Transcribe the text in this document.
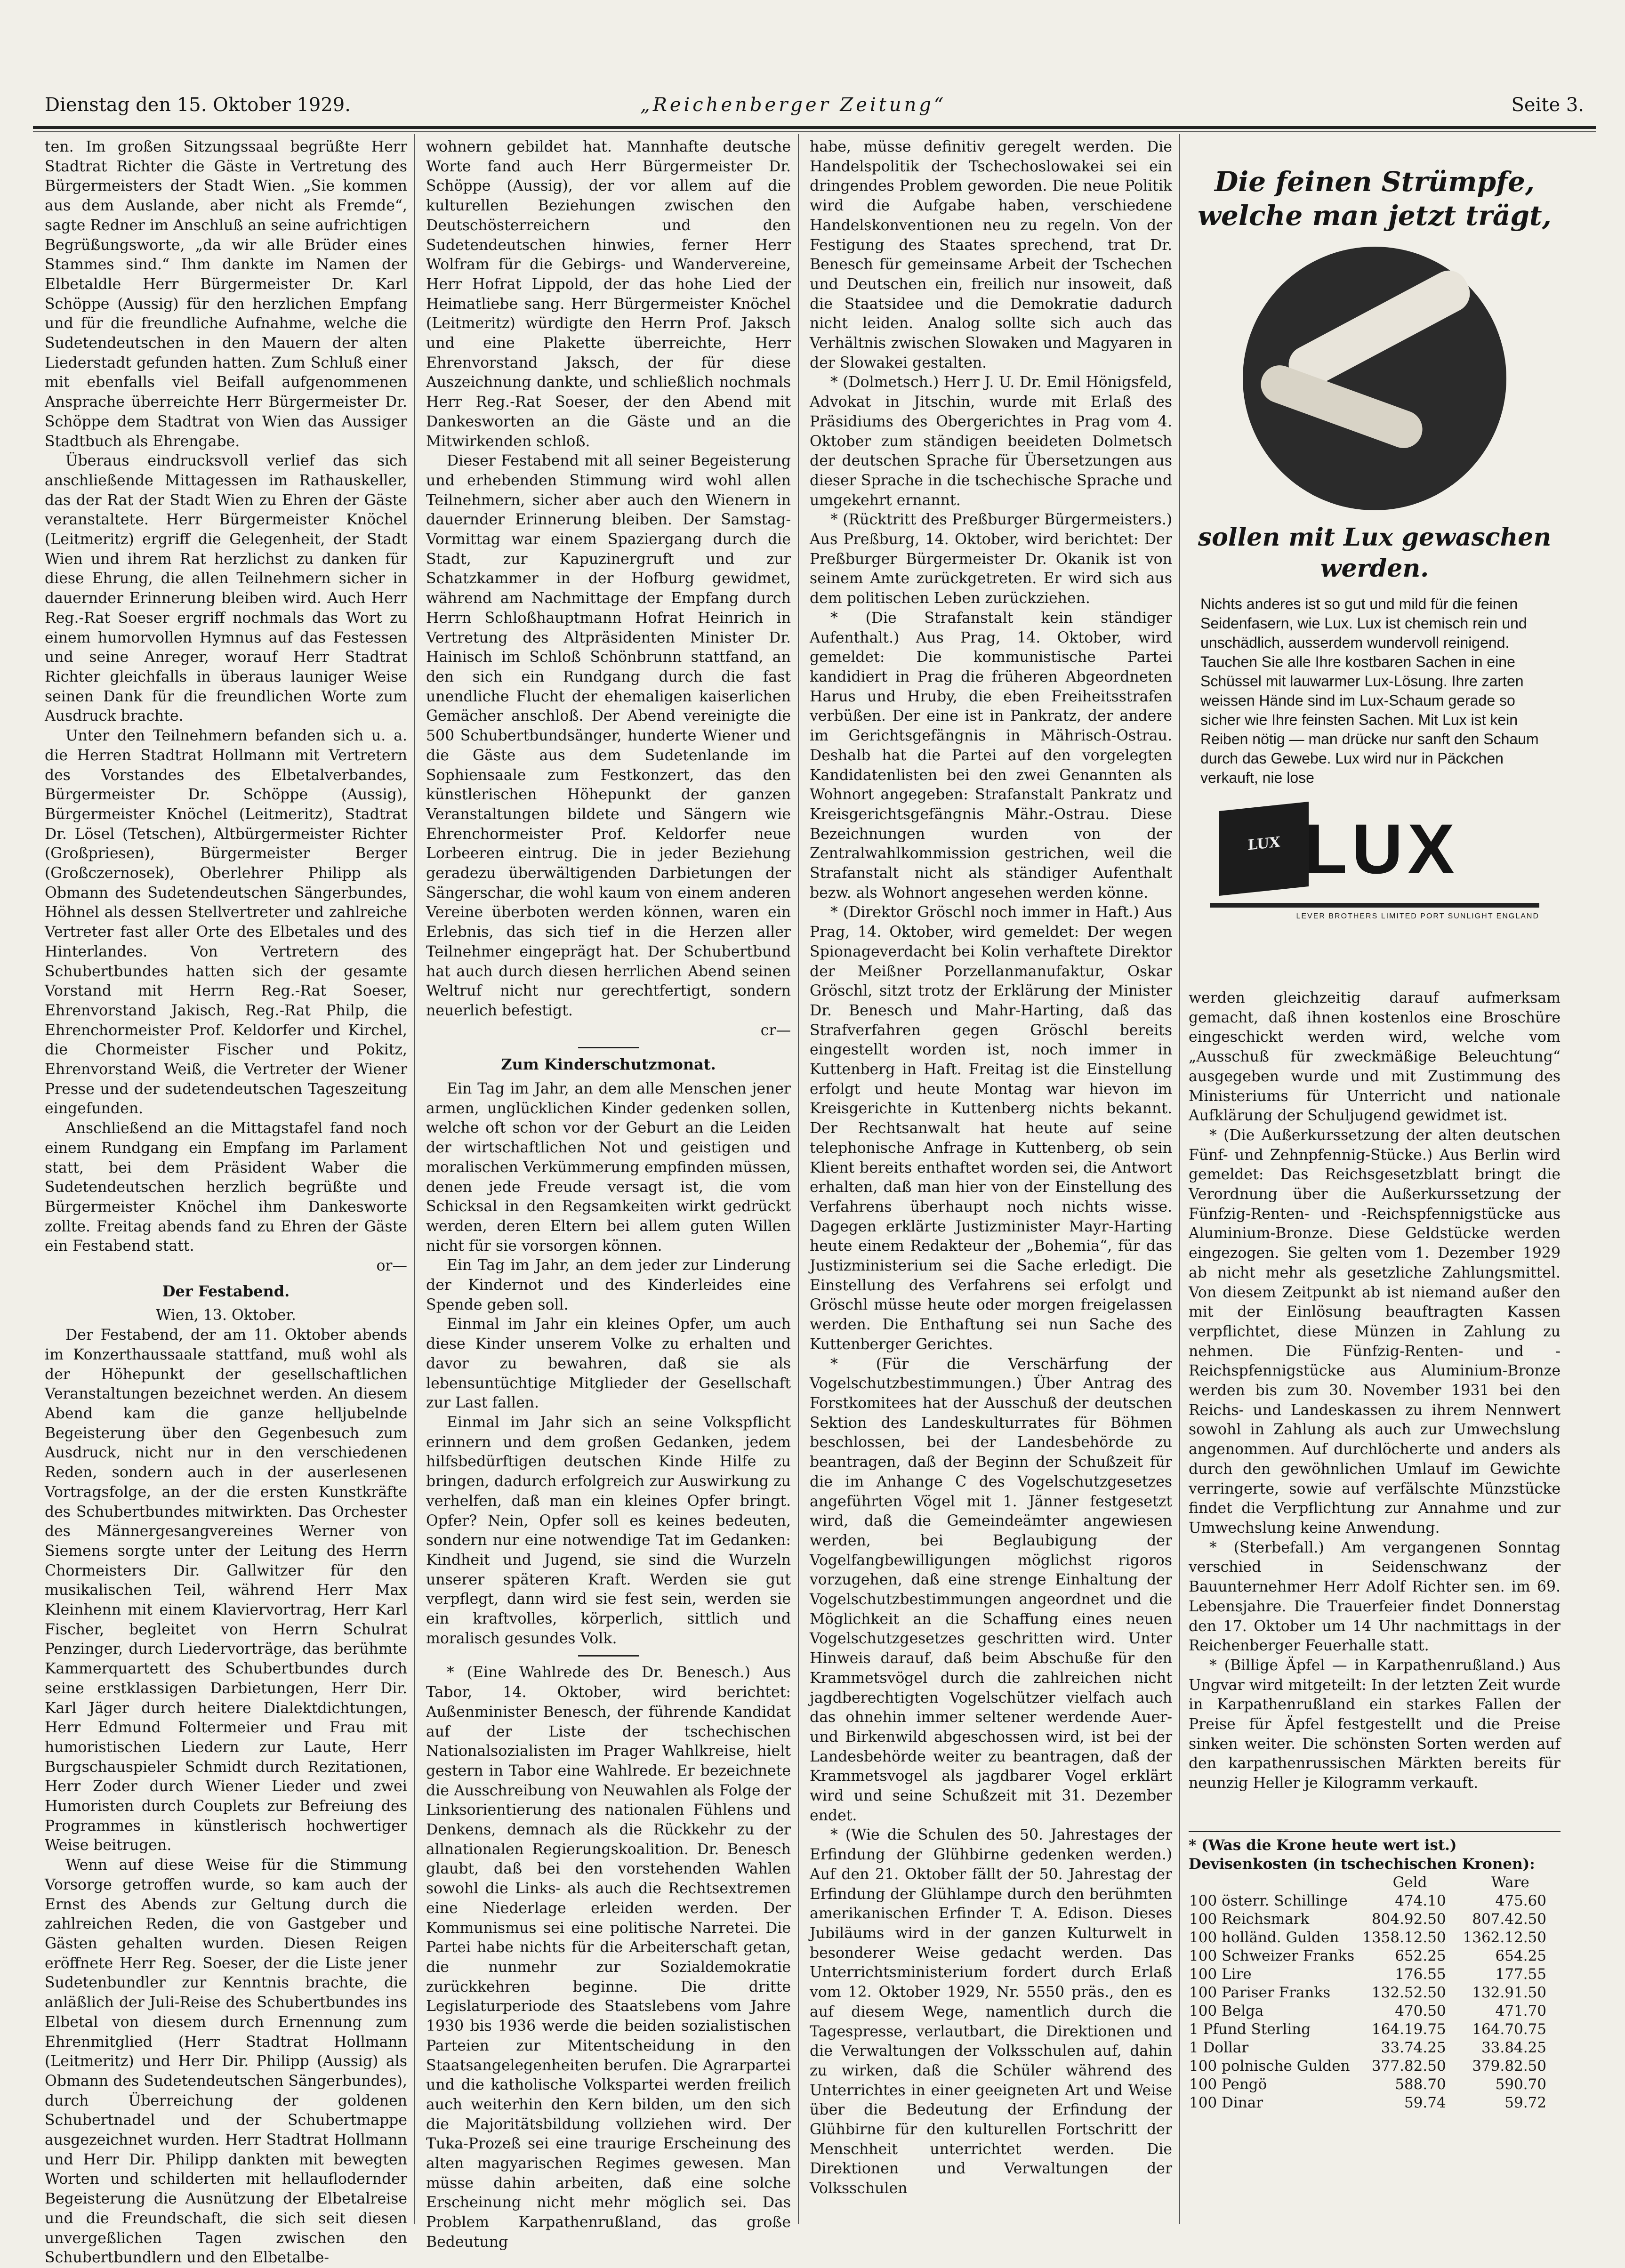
Dienstag den 15. Oktober 1929.	„Reichenberger Zeitung“	Seite 3.

ten. Im großen Sitzungssaal begrüßte Herr Stadtrat Richter die Gäste in Vertretung des Bürgermeisters der Stadt Wien. „Sie kommen aus dem Auslande, aber nicht als Fremde“, sagte Redner im Anschluß an seine aufrichtigen Begrüßungsworte, „da wir alle Brüder eines Stammes sind.“ Ihm dankte im Namen der Elbetaldle Herr Bürgermeister Dr. Karl Schöppe (Aussig) für den herzlichen Empfang und für die freundliche Aufnahme, welche die Sudetendeutschen in den Mauern der alten Liederstadt gefunden hatten. Zum Schluß einer mit ebenfalls viel Beifall aufgenommenen Ansprache überreichte Herr Bürgermeister Dr. Schöppe dem Stadtrat von Wien das Aussiger Stadtbuch als Ehrengabe.

Überaus eindrucksvoll verlief das sich anschließende Mittagessen im Rathauskeller, das der Rat der Stadt Wien zu Ehren der Gäste veranstaltete. Herr Bürgermeister Knöchel (Leitmeritz) ergriff die Gelegenheit, der Stadt Wien und ihrem Rat herzlichst zu danken für diese Ehrung, die allen Teilnehmern sicher in dauernder Erinnerung bleiben wird. Auch Herr Reg.-Rat Soeser ergriff nochmals das Wort zu einem humorvollen Hymnus auf das Festessen und seine Anreger, worauf Herr Stadtrat Richter gleichfalls in überaus launiger Weise seinen Dank für die freundlichen Worte zum Ausdruck brachte.

Unter den Teilnehmern befanden sich u. a. die Herren Stadtrat Hollmann mit Vertretern des Vorstandes des Elbetalverbandes, Bürgermeister Dr. Schöppe (Aussig), Bürgermeister Knöchel (Leitmeritz), Stadtrat Dr. Lösel (Tetschen), Altbürgermeister Richter (Großpriesen), Bürgermeister Berger (Großczernosek), Oberlehrer Philipp als Obmann des Sudetendeutschen Sängerbundes, Höhnel als dessen Stellvertreter und zahlreiche Vertreter fast aller Orte des Elbetales und des Hinterlandes. Von Vertretern des Schubertbundes hatten sich der gesamte Vorstand mit Herrn Reg.-Rat Soeser, Ehrenvorstand Jakisch, Reg.-Rat Philp, die Ehrenchormeister Prof. Keldorfer und Kirchel, die Chormeister Fischer und Pokitz, Ehrenvorstand Weiß, die Vertreter der Wiener Presse und der sudetendeutschen Tageszeitung eingefunden.

Anschließend an die Mittagstafel fand noch einem Rundgang ein Empfang im Parlament statt, bei dem Präsident Waber die Sudetendeutschen herzlich begrüßte und Bürgermeister Knöchel ihm Dankesworte zollte. Freitag abends fand zu Ehren der Gäste ein Festabend statt.

or—
Der Festabend.

Wien, 13. Oktober.

Der Festabend, der am 11. Oktober abends im Konzerthaussaale stattfand, muß wohl als der Höhepunkt der gesellschaftlichen Veranstaltungen bezeichnet werden. An diesem Abend kam die ganze helljubelnde Begeisterung über den Gegenbesuch zum Ausdruck, nicht nur in den verschiedenen Reden, sondern auch in der auserlesenen Vortragsfolge, an der die ersten Kunstkräfte des Schubertbundes mitwirkten. Das Orchester des Männergesangvereines Werner von Siemens sorgte unter der Leitung des Herrn Chormeisters Dir. Gallwitzer für den musikalischen Teil, während Herr Max Kleinhenn mit einem Klaviervortrag, Herr Karl Fischer, begleitet von Herrn Schulrat Penzinger, durch Liedervorträge, das berühmte Kammerquartett des Schubertbundes durch seine erstklassigen Darbietungen, Herr Dir. Karl Jäger durch heitere Dialektdichtungen, Herr Edmund Foltermeier und Frau mit humoristischen Liedern zur Laute, Herr Burgschauspieler Schmidt durch Rezitationen, Herr Zoder durch Wiener Lieder und zwei Humoristen durch Couplets zur Befreiung des Programmes in künstlerisch hochwertiger Weise beitrugen.

Wenn auf diese Weise für die Stimmung Vorsorge getroffen wurde, so kam auch der Ernst des Abends zur Geltung durch die zahlreichen Reden, die von Gastgeber und Gästen gehalten wurden. Diesen Reigen eröffnete Herr Reg. Soeser, der die Liste jener Sudetenbundler zur Kenntnis brachte, die anläßlich der Juli-Reise des Schubertbundes ins Elbetal von diesem durch Ernennung zum Ehrenmitglied (Herr Stadtrat Hollmann (Leitmeritz) und Herr Dir. Philipp (Aussig) als Obmann des Sudetendeutschen Sängerbundes), durch Überreichung der goldenen Schubertnadel und der Schubertmappe ausgezeichnet wurden. Herr Stadtrat Hollmann und Herr Dir. Philipp dankten mit bewegten Worten und schilderten mit hellauflodernder Begeisterung die Ausnützung der Elbetalreise und die Freundschaft, die sich seit diesen unvergeßlichen Tagen zwischen den Schubertbundlern und den Elbetalbe-

wohnern gebildet hat. Mannhafte deutsche Worte fand auch Herr Bürgermeister Dr. Schöppe (Aussig), der vor allem auf die kulturellen Beziehungen zwischen den Deutschösterreichern und den Sudetendeutschen hinwies, ferner Herr Wolfram für die Gebirgs- und Wandervereine, Herr Hofrat Lippold, der das hohe Lied der Heimatliebe sang. Herr Bürgermeister Knöchel (Leitmeritz) würdigte den Herrn Prof. Jaksch und eine Plakette überreichte, Herr Ehrenvorstand Jaksch, der für diese Auszeichnung dankte, und schließlich nochmals Herr Reg.-Rat Soeser, der den Abend mit Dankesworten an die Gäste und an die Mitwirkenden schloß.

Dieser Festabend mit all seiner Begeisterung und erhebenden Stimmung wird wohl allen Teilnehmern, sicher aber auch den Wienern in dauernder Erinnerung bleiben. Der Samstag-Vormittag war einem Spaziergang durch die Stadt, zur Kapuzinergruft und zur Schatzkammer in der Hofburg gewidmet, während am Nachmittage der Empfang durch Herrn Schloßhauptmann Hofrat Heinrich in Vertretung des Altpräsidenten Minister Dr. Hainisch im Schloß Schönbrunn stattfand, an den sich ein Rundgang durch die fast unendliche Flucht der ehemaligen kaiserlichen Gemächer anschloß. Der Abend vereinigte die 500 Schubertbundsänger, hunderte Wiener und die Gäste aus dem Sudetenlande im Sophiensaale zum Festkonzert, das den künstlerischen Höhepunkt der ganzen Veranstaltungen bildete und Sängern wie Ehrenchormeister Prof. Keldorfer neue Lorbeeren eintrug. Die in jeder Beziehung geradezu überwältigenden Darbietungen der Sängerschar, die wohl kaum von einem anderen Vereine überboten werden können, waren ein Erlebnis, das sich tief in die Herzen aller Teilnehmer eingeprägt hat. Der Schubertbund hat auch durch diesen herrlichen Abend seinen Weltruf nicht nur gerechtfertigt, sondern neuerlich befestigt.

cr—
Zum Kinderschutzmonat.

Ein Tag im Jahr, an dem alle Menschen jener armen, unglücklichen Kinder gedenken sollen, welche oft schon vor der Geburt an die Leiden der wirtschaftlichen Not und geistigen und moralischen Verkümmerung empfinden müssen, denen jede Freude versagt ist, die vom Schicksal in den Regsamkeiten wirkt gedrückt werden, deren Eltern bei allem guten Willen nicht für sie vorsorgen können.

Ein Tag im Jahr, an dem jeder zur Linderung der Kindernot und des Kinderleides eine Spende geben soll.

Einmal im Jahr ein kleines Opfer, um auch diese Kinder unserem Volke zu erhalten und davor zu bewahren, daß sie als lebensuntüchtige Mitglieder der Gesellschaft zur Last fallen.

Einmal im Jahr sich an seine Volkspflicht erinnern und dem großen Gedanken, jedem hilfsbedürftigen deutschen Kinde Hilfe zu bringen, dadurch erfolgreich zur Auswirkung zu verhelfen, daß man ein kleines Opfer bringt. Opfer? Nein, Opfer soll es keines bedeuten, sondern nur eine notwendige Tat im Gedanken: Kindheit und Jugend, sie sind die Wurzeln unserer späteren Kraft. Werden sie gut verpflegt, dann wird sie fest sein, werden sie ein kraftvolles, körperlich, sittlich und moralisch gesundes Volk.

* (Eine Wahlrede des Dr. Benesch.) Aus Tabor, 14. Oktober, wird berichtet: Außenminister Benesch, der führende Kandidat auf der Liste der tschechischen Nationalsozialisten im Prager Wahlkreise, hielt gestern in Tabor eine Wahlrede. Er bezeichnete die Ausschreibung von Neuwahlen als Folge der Linksorientierung des nationalen Fühlens und Denkens, demnach als die Rückkehr zu der allnationalen Regierungskoalition. Dr. Benesch glaubt, daß bei den vorstehenden Wahlen sowohl die Links- als auch die Rechtsextremen eine Niederlage erleiden werden. Der Kommunismus sei eine politische Narretei. Die Partei habe nichts für die Arbeiterschaft getan, die nunmehr zur Sozialdemokratie zurückkehren beginne. Die dritte Legislaturperiode des Staatslebens vom Jahre 1930 bis 1936 werde die beiden sozialistischen Parteien zur Mitentscheidung in den Staatsangelegenheiten berufen. Die Agrarpartei und die katholische Volkspartei werden freilich auch weiterhin den Kern bilden, um den sich die Majoritätsbildung vollziehen wird. Der Tuka-Prozeß sei eine traurige Erscheinung des alten magyarischen Regimes gewesen. Man müsse dahin arbeiten, daß eine solche Erscheinung nicht mehr möglich sei. Das Problem Karpathenrußland, das große Bedeutung

habe, müsse definitiv geregelt werden. Die Handelspolitik der Tschechoslowakei sei ein dringendes Problem geworden. Die neue Politik wird die Aufgabe haben, verschiedene Handelskonventionen neu zu regeln. Von der Festigung des Staates sprechend, trat Dr. Benesch für gemeinsame Arbeit der Tschechen und Deutschen ein, freilich nur insoweit, daß die Staatsidee und die Demokratie dadurch nicht leiden. Analog sollte sich auch das Verhältnis zwischen Slowaken und Magyaren in der Slowakei gestalten.

* (Dolmetsch.) Herr J. U. Dr. Emil Hönigsfeld, Advokat in Jitschin, wurde mit Erlaß des Präsidiums des Obergerichtes in Prag vom 4. Oktober zum ständigen beeideten Dolmetsch der deutschen Sprache für Übersetzungen aus dieser Sprache in die tschechische Sprache und umgekehrt ernannt.

* (Rücktritt des Preßburger Bürgermeisters.) Aus Preßburg, 14. Oktober, wird berichtet: Der Preßburger Bürgermeister Dr. Okanik ist von seinem Amte zurückgetreten. Er wird sich aus dem politischen Leben zurückziehen.

* (Die Strafanstalt kein ständiger Aufenthalt.) Aus Prag, 14. Oktober, wird gemeldet: Die kommunistische Partei kandidiert in Prag die früheren Abgeordneten Harus und Hruby, die eben Freiheitsstrafen verbüßen. Der eine ist in Pankratz, der andere im Gerichtsgefängnis in Mährisch-Ostrau. Deshalb hat die Partei auf den vorgelegten Kandidatenlisten bei den zwei Genannten als Wohnort angegeben: Strafanstalt Pankratz und Kreisgerichtsgefängnis Mähr.-Ostrau. Diese Bezeichnungen wurden von der Zentralwahlkommission gestrichen, weil die Strafanstalt nicht als ständiger Aufenthalt bezw. als Wohnort angesehen werden könne.

* (Direktor Gröschl noch immer in Haft.) Aus Prag, 14. Oktober, wird gemeldet: Der wegen Spionageverdacht bei Kolin verhaftete Direktor der Meißner Porzellanmanufaktur, Oskar Gröschl, sitzt trotz der Erklärung der Minister Dr. Benesch und Mahr-Harting, daß das Strafverfahren gegen Gröschl bereits eingestellt worden ist, noch immer in Kuttenberg in Haft. Freitag ist die Einstellung erfolgt und heute Montag war hievon im Kreisgerichte in Kuttenberg nichts bekannt. Der Rechtsanwalt hat heute auf seine telephonische Anfrage in Kuttenberg, ob sein Klient bereits enthaftet worden sei, die Antwort erhalten, daß man hier von der Einstellung des Verfahrens überhaupt noch nichts wisse. Dagegen erklärte Justizminister Mayr-Harting heute einem Redakteur der „Bohemia“, für das Justizministerium sei die Sache erledigt. Die Einstellung des Verfahrens sei erfolgt und Gröschl müsse heute oder morgen freigelassen werden. Die Enthaftung sei nun Sache des Kuttenberger Gerichtes.

* (Für die Verschärfung der Vogelschutzbestimmungen.) Über Antrag des Forstkomitees hat der Ausschuß der deutschen Sektion des Landeskulturrates für Böhmen beschlossen, bei der Landesbehörde zu beantragen, daß der Beginn der Schußzeit für die im Anhange C des Vogelschutzgesetzes angeführten Vögel mit 1. Jänner festgesetzt wird, daß die Gemeindeämter angewiesen werden, bei Beglaubigung der Vogelfangbewilligungen möglichst rigoros vorzugehen, daß eine strenge Einhaltung der Vogelschutzbestimmungen angeordnet und die Möglichkeit an die Schaffung eines neuen Vogelschutzgesetzes geschritten wird. Unter Hinweis darauf, daß beim Abschuße für den Krammetsvögel durch die zahlreichen nicht jagdberechtigten Vogelschützer vielfach auch das ohnehin immer seltener werdende Auer- und Birkenwild abgeschossen wird, ist bei der Landesbehörde weiter zu beantragen, daß der Krammetsvogel als jagdbarer Vogel erklärt wird und seine Schußzeit mit 31. Dezember endet.

* (Wie die Schulen des 50. Jahrestages der Erfindung der Glühbirne gedenken werden.) Auf den 21. Oktober fällt der 50. Jahrestag der Erfindung der Glühlampe durch den berühmten amerikanischen Erfinder T. A. Edison. Dieses Jubiläums wird in der ganzen Kulturwelt in besonderer Weise gedacht werden. Das Unterrichtsministerium fordert durch Erlaß vom 12. Oktober 1929, Nr. 5550 präs., den es auf diesem Wege, namentlich durch die Tagespresse, verlautbart, die Direktionen und die Verwaltungen der Volksschulen auf, dahin zu wirken, daß die Schüler während des Unterrichtes in einer geeigneten Art und Weise über die Bedeutung der Erfindung der Glühbirne für den kulturellen Fortschritt der Menschheit unterrichtet werden. Die Direktionen und Verwaltungen der Volksschulen

Die feinen Strümpfe, welche man jetzt trägt,
sollen mit Lux gewaschen werden.
Nichts anderes ist so gut und mild für die feinen Seidenfasern, wie Lux. Lux ist chemisch rein und unschädlich, ausserdem wundervoll reinigend. Tauchen Sie alle Ihre kostbaren Sachen in eine Schüssel mit lauwarmer Lux-Lösung. Ihre zarten weissen Hände sind im Lux-Schaum gerade so sicher wie Ihre feinsten Sachen. Mit Lux ist kein Reiben nötig — man drücke nur sanft den Schaum durch das Gewebe. Lux wird nur in Päckchen verkauft, nie lose
LUX LUX
LEVER BROTHERS LIMITED PORT SUNLIGHT ENGLAND

werden gleichzeitig darauf aufmerksam gemacht, daß ihnen kostenlos eine Broschüre eingeschickt werden wird, welche vom „Ausschuß für zweckmäßige Beleuchtung“ ausgegeben wurde und mit Zustimmung des Ministeriums für Unterricht und nationale Aufklärung der Schuljugend gewidmet ist.

* (Die Außerkurssetzung der alten deutschen Fünf- und Zehnpfennig-Stücke.) Aus Berlin wird gemeldet: Das Reichsgesetzblatt bringt die Verordnung über die Außerkurssetzung der Fünfzig-Renten- und -Reichspfennigstücke aus Aluminium-Bronze. Diese Geldstücke werden eingezogen. Sie gelten vom 1. Dezember 1929 ab nicht mehr als gesetzliche Zahlungsmittel. Von diesem Zeitpunkt ab ist niemand außer den mit der Einlösung beauftragten Kassen verpflichtet, diese Münzen in Zahlung zu nehmen. Die Fünfzig-Renten- und -Reichspfennigstücke aus Aluminium-Bronze werden bis zum 30. November 1931 bei den Reichs- und Landeskassen zu ihrem Nennwert sowohl in Zahlung als auch zur Umwechslung angenommen. Auf durchlöcherte und anders als durch den gewöhnlichen Umlauf im Gewichte verringerte, sowie auf verfälschte Münzstücke findet die Verpflichtung zur Annahme und zur Umwechslung keine Anwendung.

* (Sterbefall.) Am vergangenen Sonntag verschied in Seidenschwanz der Bauunternehmer Herr Adolf Richter sen. im 69. Lebensjahre. Die Trauerfeier findet Donnerstag den 17. Oktober um 14 Uhr nachmittags in der Reichenberger Feuerhalle statt.

* (Billige Äpfel — in Karpathenrußland.) Aus Ungvar wird mitgeteilt: In der letzten Zeit wurde in Karpathenrußland ein starkes Fallen der Preise für Äpfel festgestellt und die Preise sinken weiter. Die schönsten Sorten werden auf den karpathenrussischen Märkten bereits für neunzig Heller je Kilogramm verkauft.

* (Was die Krone heute wert ist.) Devisenkosten (in tschechischen Kronen):
	Geld	Ware
100 österr. Schillinge	474.10	475.60
100 Reichsmark	804.92.50	807.42.50
100 holländ. Gulden	1358.12.50	1362.12.50
100 Schweizer Franks	652.25	654.25
100 Lire	176.55	177.55
100 Pariser Franks	132.52.50	132.91.50
100 Belga	470.50	471.70
1 Pfund Sterling	164.19.75	164.70.75
1 Dollar	33.74.25	33.84.25
100 polnische Gulden	377.82.50	379.82.50
100 Pengö	588.70	590.70
100 Dinar	59.74	59.72
